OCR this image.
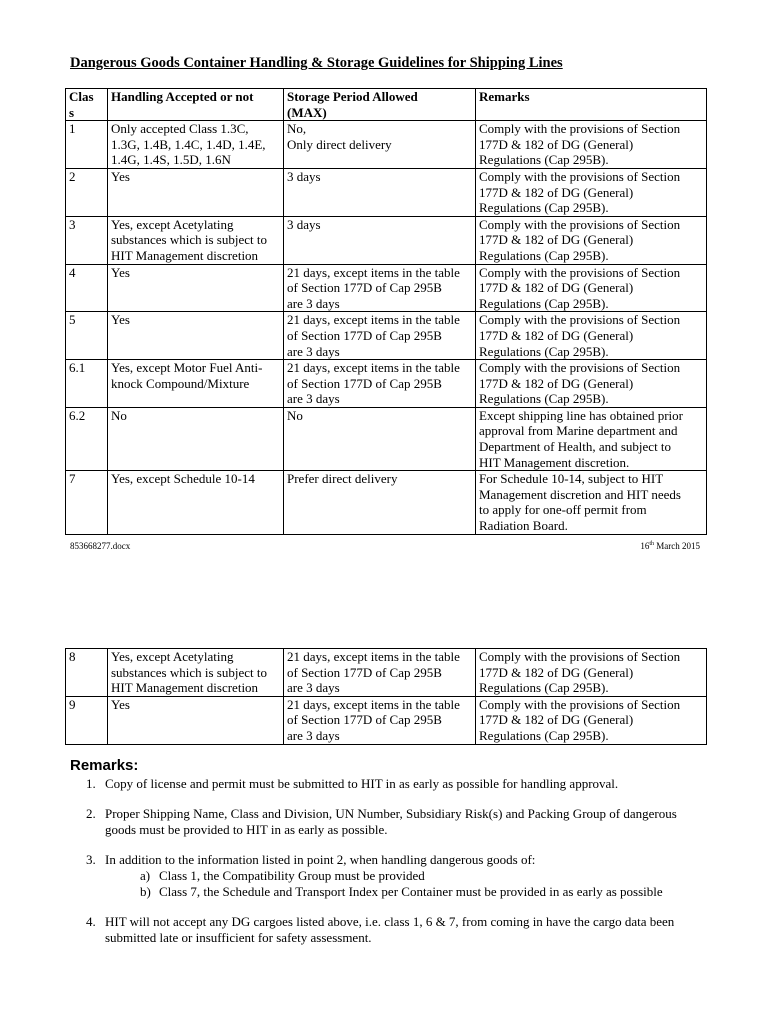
Dangerous Goods Container Handling & Storage Guidelines for Shipping Lines
Clas
s	Handling Accepted or not	Storage Period Allowed
(MAX)	Remarks
1	Only accepted Class 1.3C,
1.3G, 1.4B, 1.4C, 1.4D, 1.4E,
1.4G, 1.4S, 1.5D, 1.6N	No,
Only direct delivery	Comply with the provisions of Section
177D & 182 of DG (General)
Regulations (Cap 295B).
2	Yes	3 days	Comply with the provisions of Section
177D & 182 of DG (General)
Regulations (Cap 295B).
3	Yes, except Acetylating
substances which is subject to
HIT Management discretion	3 days	Comply with the provisions of Section
177D & 182 of DG (General)
Regulations (Cap 295B).
4	Yes	21 days, except items in the table
of Section 177D of Cap 295B
are 3 days	Comply with the provisions of Section
177D & 182 of DG (General)
Regulations (Cap 295B).
5	Yes	21 days, except items in the table
of Section 177D of Cap 295B
are 3 days	Comply with the provisions of Section
177D & 182 of DG (General)
Regulations (Cap 295B).
6.1	Yes, except Motor Fuel Anti-
knock Compound/Mixture	21 days, except items in the table
of Section 177D of Cap 295B
are 3 days	Comply with the provisions of Section
177D & 182 of DG (General)
Regulations (Cap 295B).
6.2	No	No	Except shipping line has obtained prior
approval from Marine department and
Department of Health, and subject to
HIT Management discretion.
7	Yes, except Schedule 10-14	Prefer direct delivery	For Schedule 10-14, subject to HIT
Management discretion and HIT needs
to apply for one-off permit from
Radiation Board.
853668277.docx	16th March 2015
8	Yes, except Acetylating
substances which is subject to
HIT Management discretion	21 days, except items in the table
of Section 177D of Cap 295B
are 3 days	Comply with the provisions of Section
177D & 182 of DG (General)
Regulations (Cap 295B).
9	Yes	21 days, except items in the table
of Section 177D of Cap 295B
are 3 days	Comply with the provisions of Section
177D & 182 of DG (General)
Regulations (Cap 295B).
Remarks:
1. Copy of license and permit must be submitted to HIT in as early as possible for handling approval.
2. Proper Shipping Name, Class and Division, UN Number, Subsidiary Risk(s) and Packing Group of dangerous goods must be provided to HIT in as early as possible.
3. In addition to the information listed in point 2, when handling dangerous goods of:
a) Class 1, the Compatibility Group must be provided
b) Class 7, the Schedule and Transport Index per Container must be provided in as early as possible
4. HIT will not accept any DG cargoes listed above, i.e. class 1, 6 & 7, from coming in have the cargo data been submitted late or insufficient for safety assessment.
